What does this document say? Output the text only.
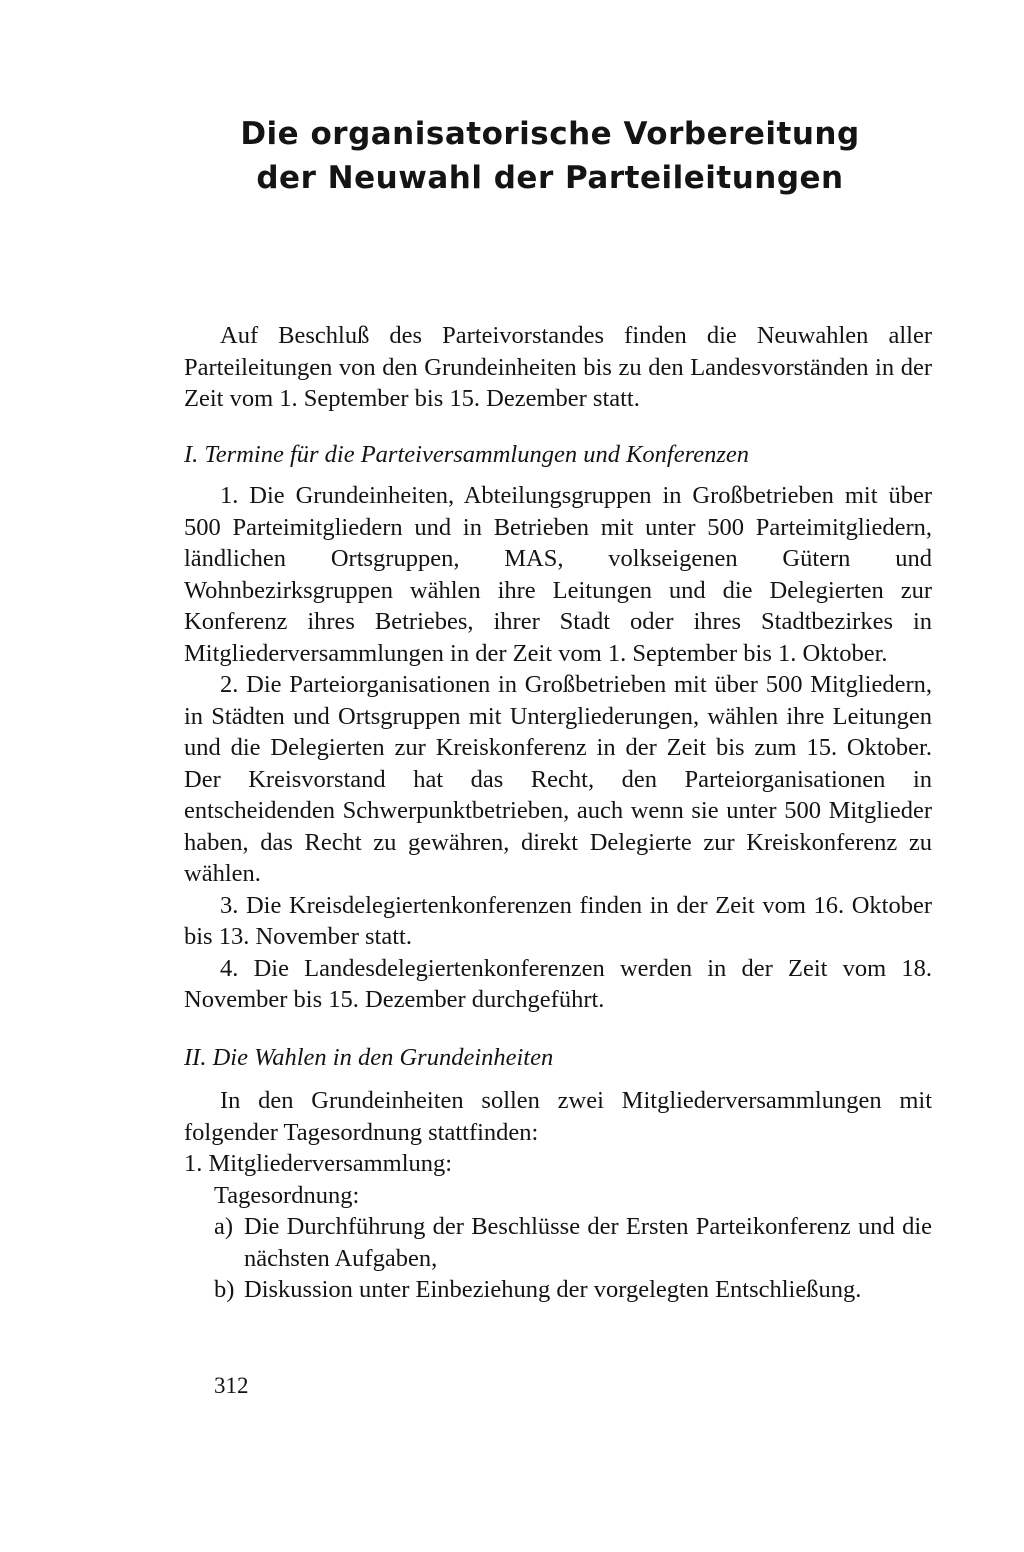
Die organisatorische Vorbereitung
der Neuwahl der Parteileitungen

Auf Beschluß des Parteivorstandes finden die Neuwahlen aller Parteileitungen von den Grundeinheiten bis zu den Landesvorständen in der Zeit vom 1. September bis 15. Dezember statt.

I. Termine für die Parteiversammlungen und Konferenzen

1. Die Grundeinheiten, Abteilungsgruppen in Großbetrieben mit über 500 Parteimitgliedern und in Betrieben mit unter 500 Parteimitgliedern, ländlichen Ortsgruppen, MAS, volkseigenen Gütern und Wohnbezirksgruppen wählen ihre Leitungen und die Delegierten zur Konferenz ihres Betriebes, ihrer Stadt oder ihres Stadtbezirkes in Mitgliederversammlungen in der Zeit vom 1. September bis 1. Oktober.

2. Die Parteiorganisationen in Großbetrieben mit über 500 Mitgliedern, in Städten und Ortsgruppen mit Untergliederungen, wählen ihre Leitungen und die Delegierten zur Kreiskonferenz in der Zeit bis zum 15. Oktober. Der Kreisvorstand hat das Recht, den Parteiorganisationen in entscheidenden Schwerpunktbetrieben, auch wenn sie unter 500 Mitglieder haben, das Recht zu gewähren, direkt Delegierte zur Kreiskonferenz zu wählen.

3. Die Kreisdelegiertenkonferenzen finden in der Zeit vom 16. Oktober bis 13. November statt.

4. Die Landesdelegiertenkonferenzen werden in der Zeit vom 18. November bis 15. Dezember durchgeführt.

II. Die Wahlen in den Grundeinheiten

In den Grundeinheiten sollen zwei Mitgliederversammlungen mit folgender Tagesordnung stattfinden:

1. Mitgliederversammlung:

Tagesordnung:

a) Die Durchführung der Beschlüsse der Ersten Parteikonferenz und die nächsten Aufgaben,
b) Diskussion unter Einbeziehung der vorgelegten Entschließung.
312
